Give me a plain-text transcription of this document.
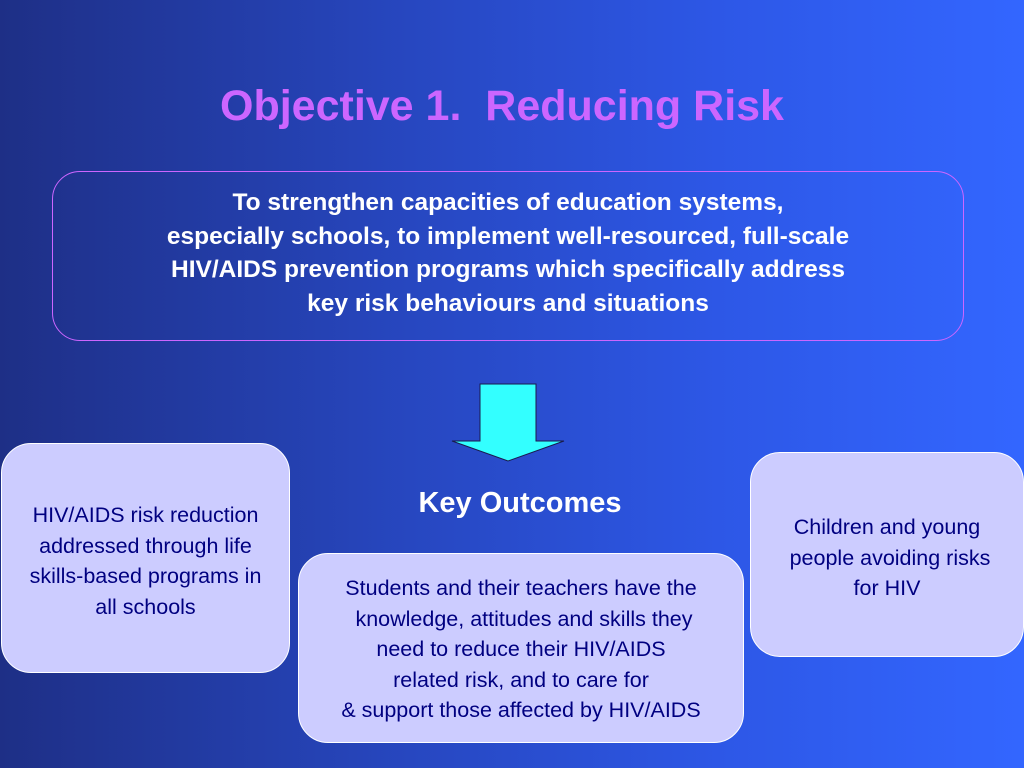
Objective 1.  Reducing Risk
To strengthen capacities of education systems,
especially schools, to implement well-resourced, full-scale
HIV/AIDS prevention programs which specifically address
key risk behaviours and situations
Key Outcomes
HIV/AIDS risk reduction
addressed through life
skills-based programs in
all schools
Students and their teachers have the
knowledge, attitudes and skills they
need to reduce their HIV/AIDS
related risk, and to care for
& support those affected by HIV/AIDS
Children and young
people avoiding risks
for HIV
